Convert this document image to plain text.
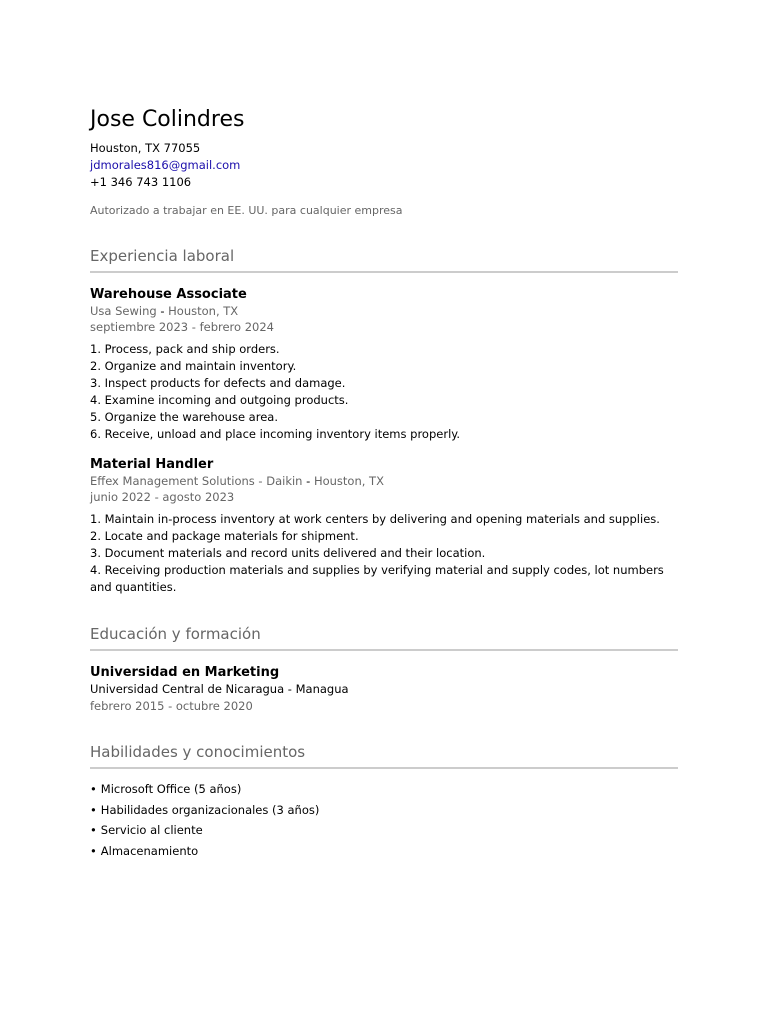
Jose Colindres
Houston, TX 77055
jdmorales816@gmail.com
+1 346 743 1106
Autorizado a trabajar en EE. UU. para cualquier empresa
Experiencia laboral
Warehouse Associate
Usa Sewing - Houston, TX
septiembre 2023 - febrero 2024
1. Process, pack and ship orders.
2. Organize and maintain inventory.
3. Inspect products for defects and damage.
4. Examine incoming and outgoing products.
5. Organize the warehouse area.
6. Receive, unload and place incoming inventory items properly.
Material Handler
Effex Management Solutions - Daikin - Houston, TX
junio 2022 - agosto 2023
1. Maintain in-process inventory at work centers by delivering and opening materials and supplies.
2. Locate and package materials for shipment.
3. Document materials and record units delivered and their location.
4. Receiving production materials and supplies by verifying material and supply codes, lot numbers and quantities.
Educación y formación
Universidad en Marketing
Universidad Central de Nicaragua - Managua
febrero 2015 - octubre 2020
Habilidades y conocimientos
• Microsoft Office (5 años)
• Habilidades organizacionales (3 años)
• Servicio al cliente
• Almacenamiento
